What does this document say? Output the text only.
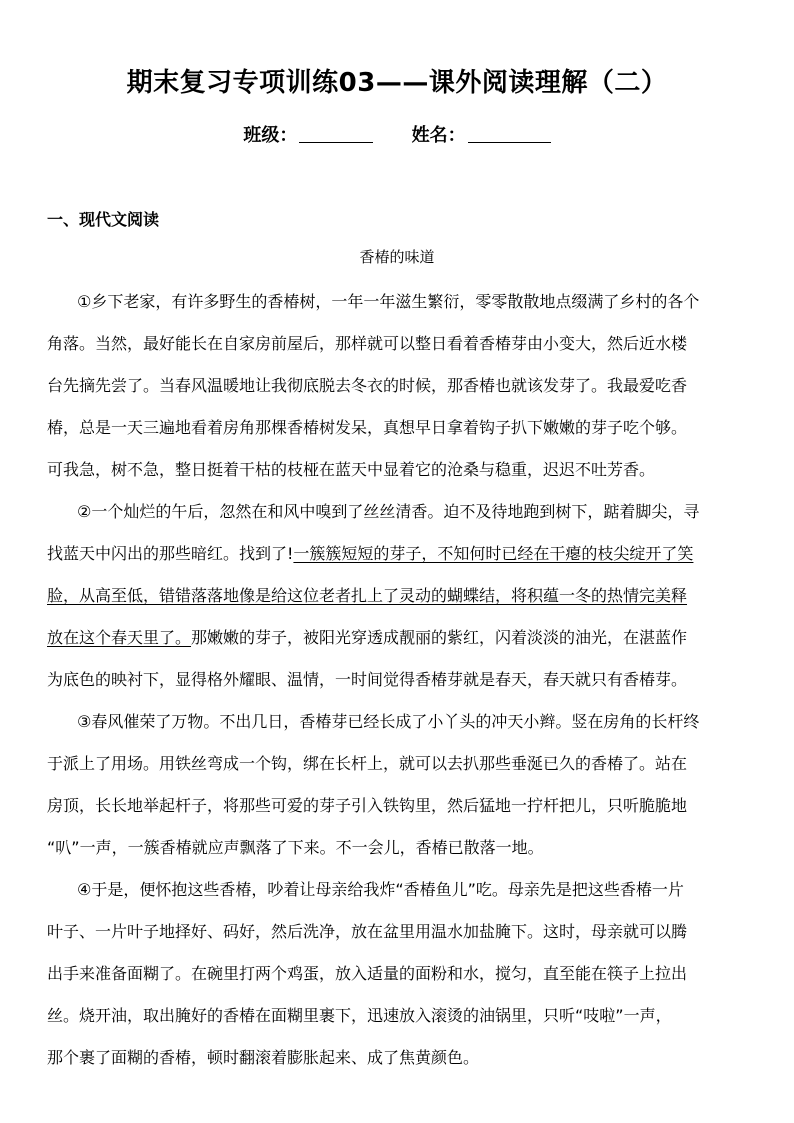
期末复习专项训练03——课外阅读理解（二）
班级：	姓名：
一、现代文阅读
香椿的味道
①乡下老家，有许多野生的香椿树，一年一年滋生繁衍，零零散散地点缀满了乡村的各个
角落。当然，最好能长在自家房前屋后，那样就可以整日看着香椿芽由小变大，然后近水楼
台先摘先尝了。当春风温暖地让我彻底脱去冬衣的时候，那香椿也就该发芽了。我最爱吃香
椿，总是一天三遍地看着房角那棵香椿树发呆，真想早日拿着钩子扒下嫩嫩的芽子吃个够。
可我急，树不急，整日挺着干枯的枝桠在蓝天中显着它的沧桑与稳重，迟迟不吐芳香。
②一个灿烂的午后，忽然在和风中嗅到了丝丝清香。迫不及待地跑到树下，踮着脚尖，寻
找蓝天中闪出的那些暗红。找到了!一簇簇短短的芽子，不知何时已经在干瘪的枝尖绽开了笑
脸，从高至低，错错落落地像是给这位老者扎上了灵动的蝴蝶结，将积蕴一冬的热情完美释
放在这个春天里了。那嫩嫩的芽子，被阳光穿透成靓丽的紫红，闪着淡淡的油光，在湛蓝作
为底色的映衬下，显得格外耀眼、温情，一时间觉得香椿芽就是春天，春天就只有香椿芽。
③春风催荣了万物。不出几日，香椿芽已经长成了小丫头的冲天小辫。竖在房角的长杆终
于派上了用场。用铁丝弯成一个钩，绑在长杆上，就可以去扒那些垂涎已久的香椿了。站在
房顶，长长地举起杆子，将那些可爱的芽子引入铁钩里，然后猛地一拧杆把儿，只听脆脆地
“叭”一声，一簇香椿就应声飘落了下来。不一会儿，香椿已散落一地。
④于是，便怀抱这些香椿，吵着让母亲给我炸“香椿鱼儿”吃。母亲先是把这些香椿一片
叶子、一片叶子地择好、码好，然后洗净，放在盆里用温水加盐腌下。这时，母亲就可以腾
出手来准备面糊了。在碗里打两个鸡蛋，放入适量的面粉和水，搅匀，直至能在筷子上拉出
丝。烧开油，取出腌好的香椿在面糊里裹下，迅速放入滚烫的油锅里，只听“吱啦”一声，
那个裹了面糊的香椿，顿时翻滚着膨胀起来、成了焦黄颜色。
